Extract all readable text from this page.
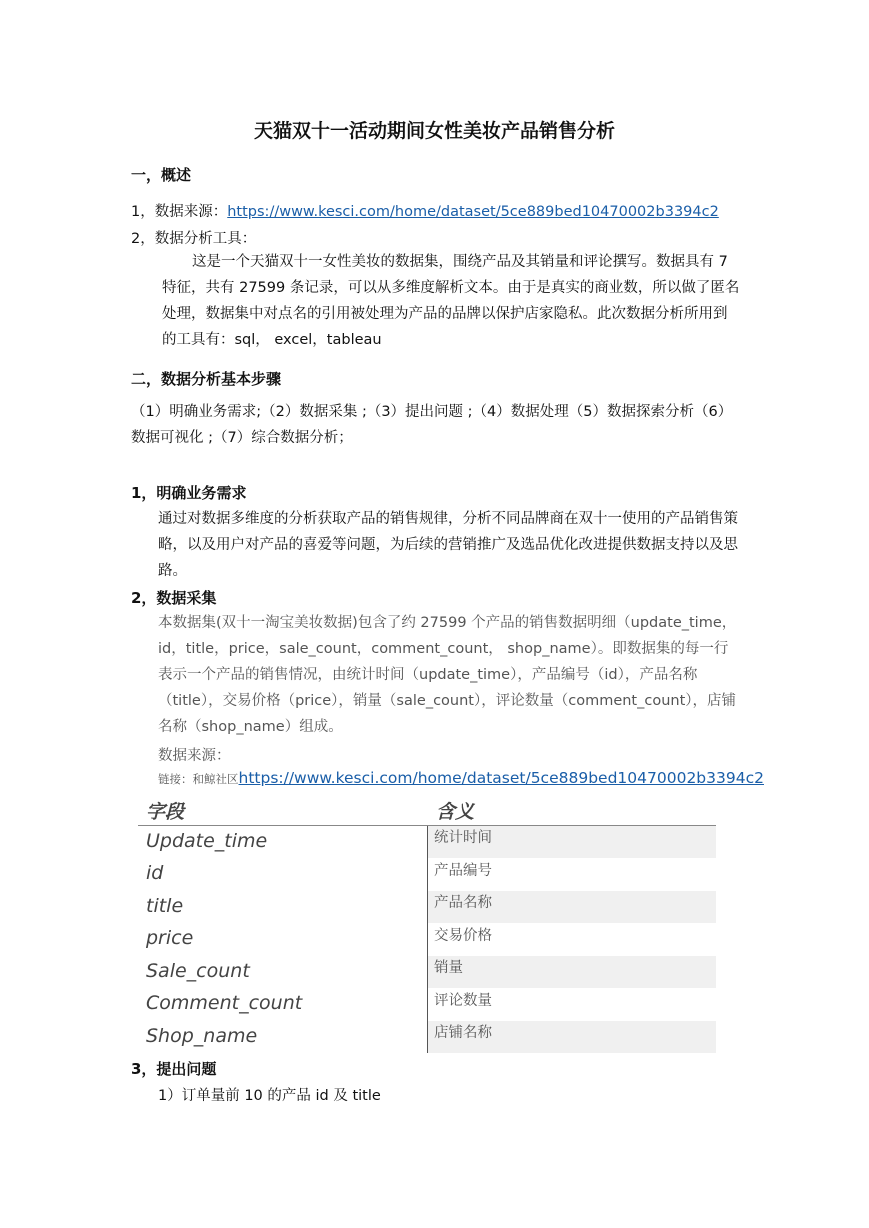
天猫双十一活动期间女性美妆产品销售分析
一，概述
1，数据来源：https://www.kesci.com/home/dataset/5ce889bed10470002b3394c2
2，数据分析工具：
这是一个天猫双十一女性美妆的数据集，围绕产品及其销量和评论撰写。数据具有 7 特征，共有 27599 条记录，可以从多维度解析文本。由于是真实的商业数，所以做了匿名处理，数据集中对点名的引用被处理为产品的品牌以保护店家隐私。此次数据分析所用到的工具有：sql， excel，tableau
二，数据分析基本步骤
（1）明确业务需求;（2）数据采集 ;（3）提出问题 ;（4）数据处理（5）数据探索分析（6）数据可视化 ;（7）综合数据分析；
1，明确业务需求
通过对数据多维度的分析获取产品的销售规律，分析不同品牌商在双十一使用的产品销售策略，以及用户对产品的喜爱等问题，为后续的营销推广及选品优化改进提供数据支持以及思路。
2，数据采集
本数据集(双十一淘宝美妆数据)包含了约 27599 个产品的销售数据明细（update_time，id，title，price，sale_count，comment_count， shop_name）。即数据集的每一行表示一个产品的销售情况，由统计时间（update_time），产品编号（id），产品名称（title），交易价格（price），销量（sale_count），评论数量（comment_count），店铺名称（shop_name）组成。
数据来源：
链接：和鲸社区https://www.kesci.com/home/dataset/5ce889bed10470002b3394c2
字段	含义
Update_time	统计时间
id	产品编号
title	产品名称
price	交易价格
Sale_count	销量
Comment_count	评论数量
Shop_name	店铺名称
3，提出问题
1）订单量前 10 的产品 id 及 title
